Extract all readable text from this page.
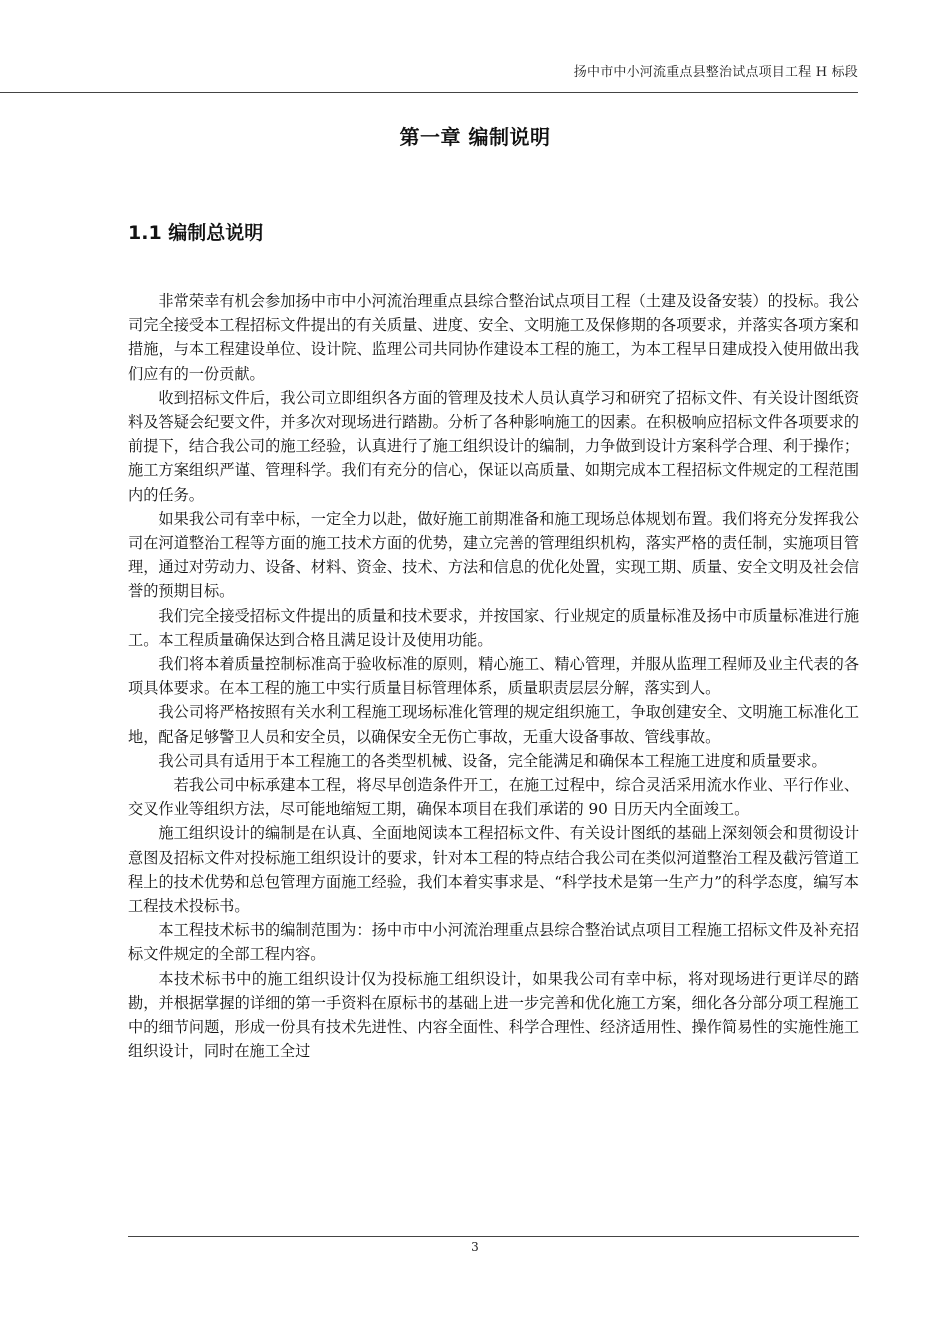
扬中市中小河流重点县整治试点项目工程 H 标段
第一章 编制说明
1.1 编制总说明

非常荣幸有机会参加扬中市中小河流治理重点县综合整治试点项目工程（土建及设备安装）的投标。我公司完全接受本工程招标文件提出的有关质量、进度、安全、文明施工及保修期的各项要求，并落实各项方案和措施，与本工程建设单位、设计院、监理公司共同协作建设本工程的施工，为本工程早日建成投入使用做出我们应有的一份贡献。

收到招标文件后，我公司立即组织各方面的管理及技术人员认真学习和研究了招标文件、有关设计图纸资料及答疑会纪要文件，并多次对现场进行踏勘。分析了各种影响施工的因素。在积极响应招标文件各项要求的前提下，结合我公司的施工经验，认真进行了施工组织设计的编制，力争做到设计方案科学合理、利于操作；施工方案组织严谨、管理科学。我们有充分的信心，保证以高质量、如期完成本工程招标文件规定的工程范围内的任务。

如果我公司有幸中标，一定全力以赴，做好施工前期准备和施工现场总体规划布置。我们将充分发挥我公司在河道整治工程等方面的施工技术方面的优势，建立完善的管理组织机构，落实严格的责任制，实施项目管理，通过对劳动力、设备、材料、资金、技术、方法和信息的优化处置，实现工期、质量、安全文明及社会信誉的预期目标。

我们完全接受招标文件提出的质量和技术要求，并按国家、行业规定的质量标准及扬中市质量标准进行施工。本工程质量确保达到合格且满足设计及使用功能。

我们将本着质量控制标准高于验收标准的原则，精心施工、精心管理，并服从监理工程师及业主代表的各项具体要求。在本工程的施工中实行质量目标管理体系，质量职责层层分解，落实到人。

我公司将严格按照有关水利工程施工现场标准化管理的规定组织施工，争取创建安全、文明施工标准化工地，配备足够警卫人员和安全员，以确保安全无伤亡事故，无重大设备事故、管线事故。

我公司具有适用于本工程施工的各类型机械、设备，完全能满足和确保本工程施工进度和质量要求。

若我公司中标承建本工程，将尽早创造条件开工，在施工过程中，综合灵活采用流水作业、平行作业、交叉作业等组织方法，尽可能地缩短工期，确保本项目在我们承诺的 90 日历天内全面竣工。

施工组织设计的编制是在认真、全面地阅读本工程招标文件、有关设计图纸的基础上深刻领会和贯彻设计意图及招标文件对投标施工组织设计的要求，针对本工程的特点结合我公司在类似河道整治工程及截污管道工程上的技术优势和总包管理方面施工经验，我们本着实事求是、“科学技术是第一生产力”的科学态度，编写本工程技术投标书。

本工程技术标书的编制范围为：扬中市中小河流治理重点县综合整治试点项目工程施工招标文件及补充招标文件规定的全部工程内容。

本技术标书中的施工组织设计仅为投标施工组织设计，如果我公司有幸中标，将对现场进行更详尽的踏勘，并根据掌握的详细的第一手资料在原标书的基础上进一步完善和优化施工方案，细化各分部分项工程施工中的细节问题，形成一份具有技术先进性、内容全面性、科学合理性、经济适用性、操作简易性的实施性施工组织设计，同时在施工全过

3
